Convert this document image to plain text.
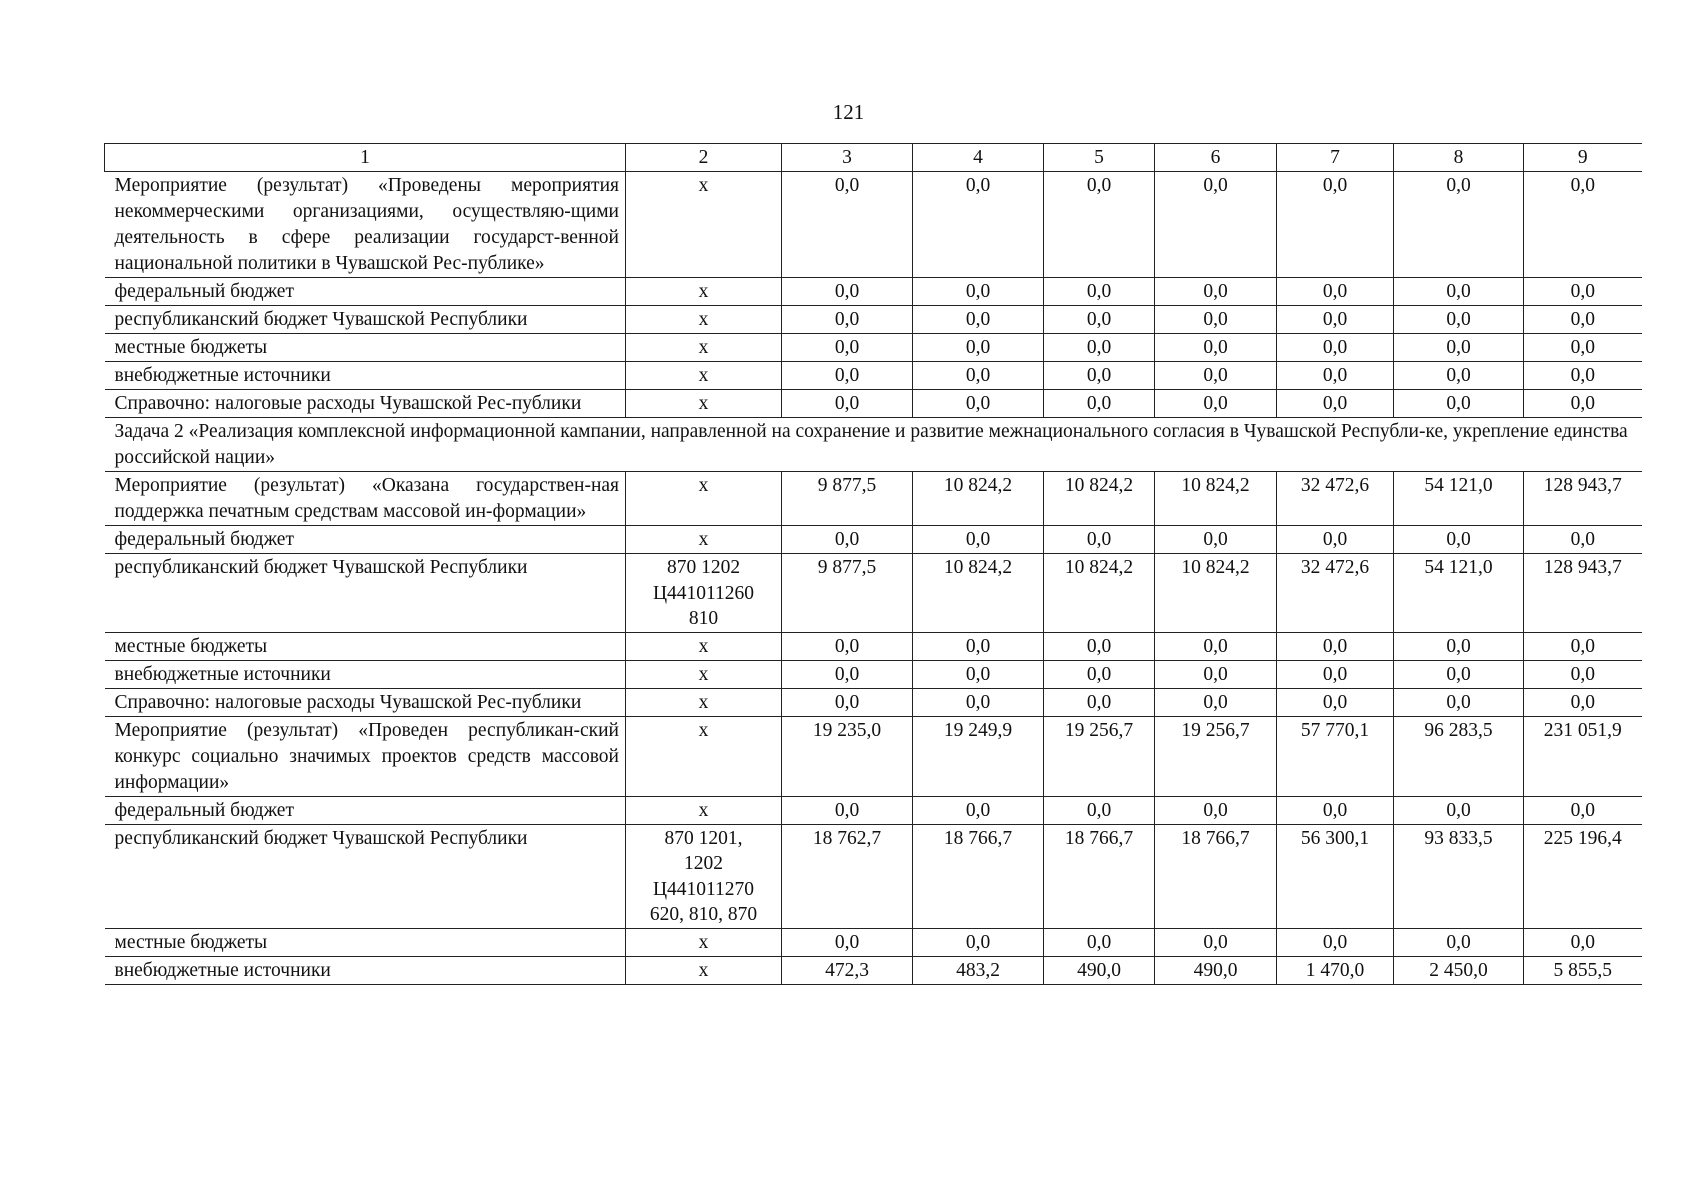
121
1	2	3	4	5	6	7	8	9
Мероприятие (результат) «Проведены мероприятия некоммерческими организациями, осуществляю-щими деятельность в сфере реализации государст-венной национальной политики в Чувашской Рес-публике»	х	0,0	0,0	0,0	0,0	0,0	0,0	0,0
федеральный бюджет	х	0,0	0,0	0,0	0,0	0,0	0,0	0,0
республиканский бюджет Чувашской Республики	х	0,0	0,0	0,0	0,0	0,0	0,0	0,0
местные бюджеты	х	0,0	0,0	0,0	0,0	0,0	0,0	0,0
внебюджетные источники	х	0,0	0,0	0,0	0,0	0,0	0,0	0,0
Справочно: налоговые расходы Чувашской Рес-публики	х	0,0	0,0	0,0	0,0	0,0	0,0	0,0
Задача 2 «Реализация комплексной информационной кампании, направленной на сохранение и развитие межнационального согласия в Чувашской Республи-ке, укрепление единства российской нации»								
Мероприятие (результат) «Оказана государствен-ная поддержка печатным средствам массовой ин-формации»	х	9 877,5	10 824,2	10 824,2	10 824,2	32 472,6	54 121,0	128 943,7
федеральный бюджет	х	0,0	0,0	0,0	0,0	0,0	0,0	0,0
республиканский бюджет Чувашской Республики	870 1202
Ц441011260
810	9 877,5	10 824,2	10 824,2	10 824,2	32 472,6	54 121,0	128 943,7
местные бюджеты	х	0,0	0,0	0,0	0,0	0,0	0,0	0,0
внебюджетные источники	х	0,0	0,0	0,0	0,0	0,0	0,0	0,0
Справочно: налоговые расходы Чувашской Рес-публики	х	0,0	0,0	0,0	0,0	0,0	0,0	0,0
Мероприятие (результат) «Проведен республикан-ский конкурс социально значимых проектов средств массовой информации»	х	19 235,0	19 249,9	19 256,7	19 256,7	57 770,1	96 283,5	231 051,9
федеральный бюджет	х	0,0	0,0	0,0	0,0	0,0	0,0	0,0
республиканский бюджет Чувашской Республики	870 1201,
1202
Ц441011270
620, 810, 870	18 762,7	18 766,7	18 766,7	18 766,7	56 300,1	93 833,5	225 196,4
местные бюджеты	х	0,0	0,0	0,0	0,0	0,0	0,0	0,0
внебюджетные источники	х	472,3	483,2	490,0	490,0	1 470,0	2 450,0	5 855,5
